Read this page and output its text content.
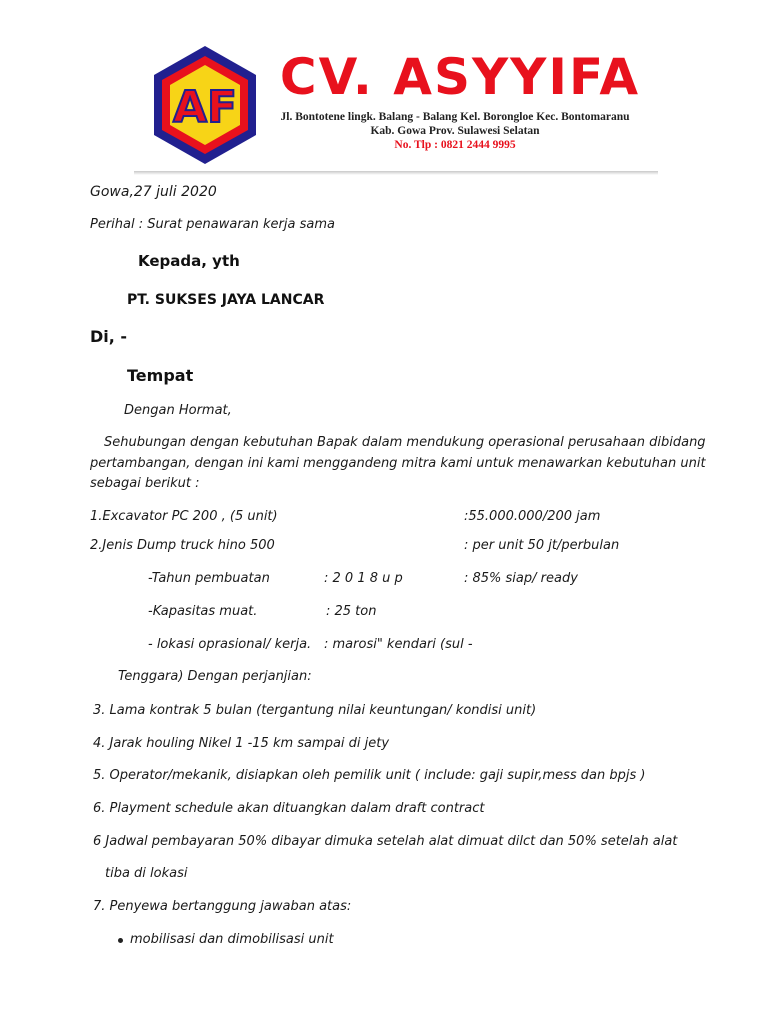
AF
CV. ASYYIFA
Jl. Bontotene lingk. Balang - Balang Kel. Borongloe Kec. Bontomaranu
Kab. Gowa Prov. Sulawesi Selatan
No. Tlp : 0821 2444 9995
Gowa,27 juli 2020
Perihal : Surat penawaran kerja sama
Kepada, yth
PT. SUKSES JAYA LANCAR
Di, -
Tempat
Dengan Hormat,
Sehubungan dengan kebutuhan Bapak dalam mendukung operasional perusahaan dibidang
pertambangan, dengan ini kami menggandeng mitra kami untuk menawarkan kebutuhan unit
sebagai berikut :
1.Excavator PC 200 , (5 unit)	:55.000.000/200 jam
2.Jenis Dump truck hino 500	: per unit 50 jt/perbulan
-Tahun pembuatan	: 2 0 1 8 u p	: 85% siap/ ready
-Kapasitas muat.	: 25 ton
- lokasi oprasional/ kerja. : marosi" kendari (sul -
Tenggara) Dengan perjanjian:
3. Lama kontrak 5 bulan (tergantung nilai keuntungan/ kondisi unit)
4. Jarak houling Nikel 1 -15 km sampai di jety
5. Operator/mekanik, disiapkan oleh pemilik unit ( include: gaji supir,mess dan bpjs )
6. Playment schedule akan dituangkan dalam draft contract
6 Jadwal pembayaran 50% dibayar dimuka setelah alat dimuat dilct dan 50% setelah alat
tiba di lokasi
7. Penyewa bertanggung jawaban atas:
mobilisasi dan dimobilisasi unit
